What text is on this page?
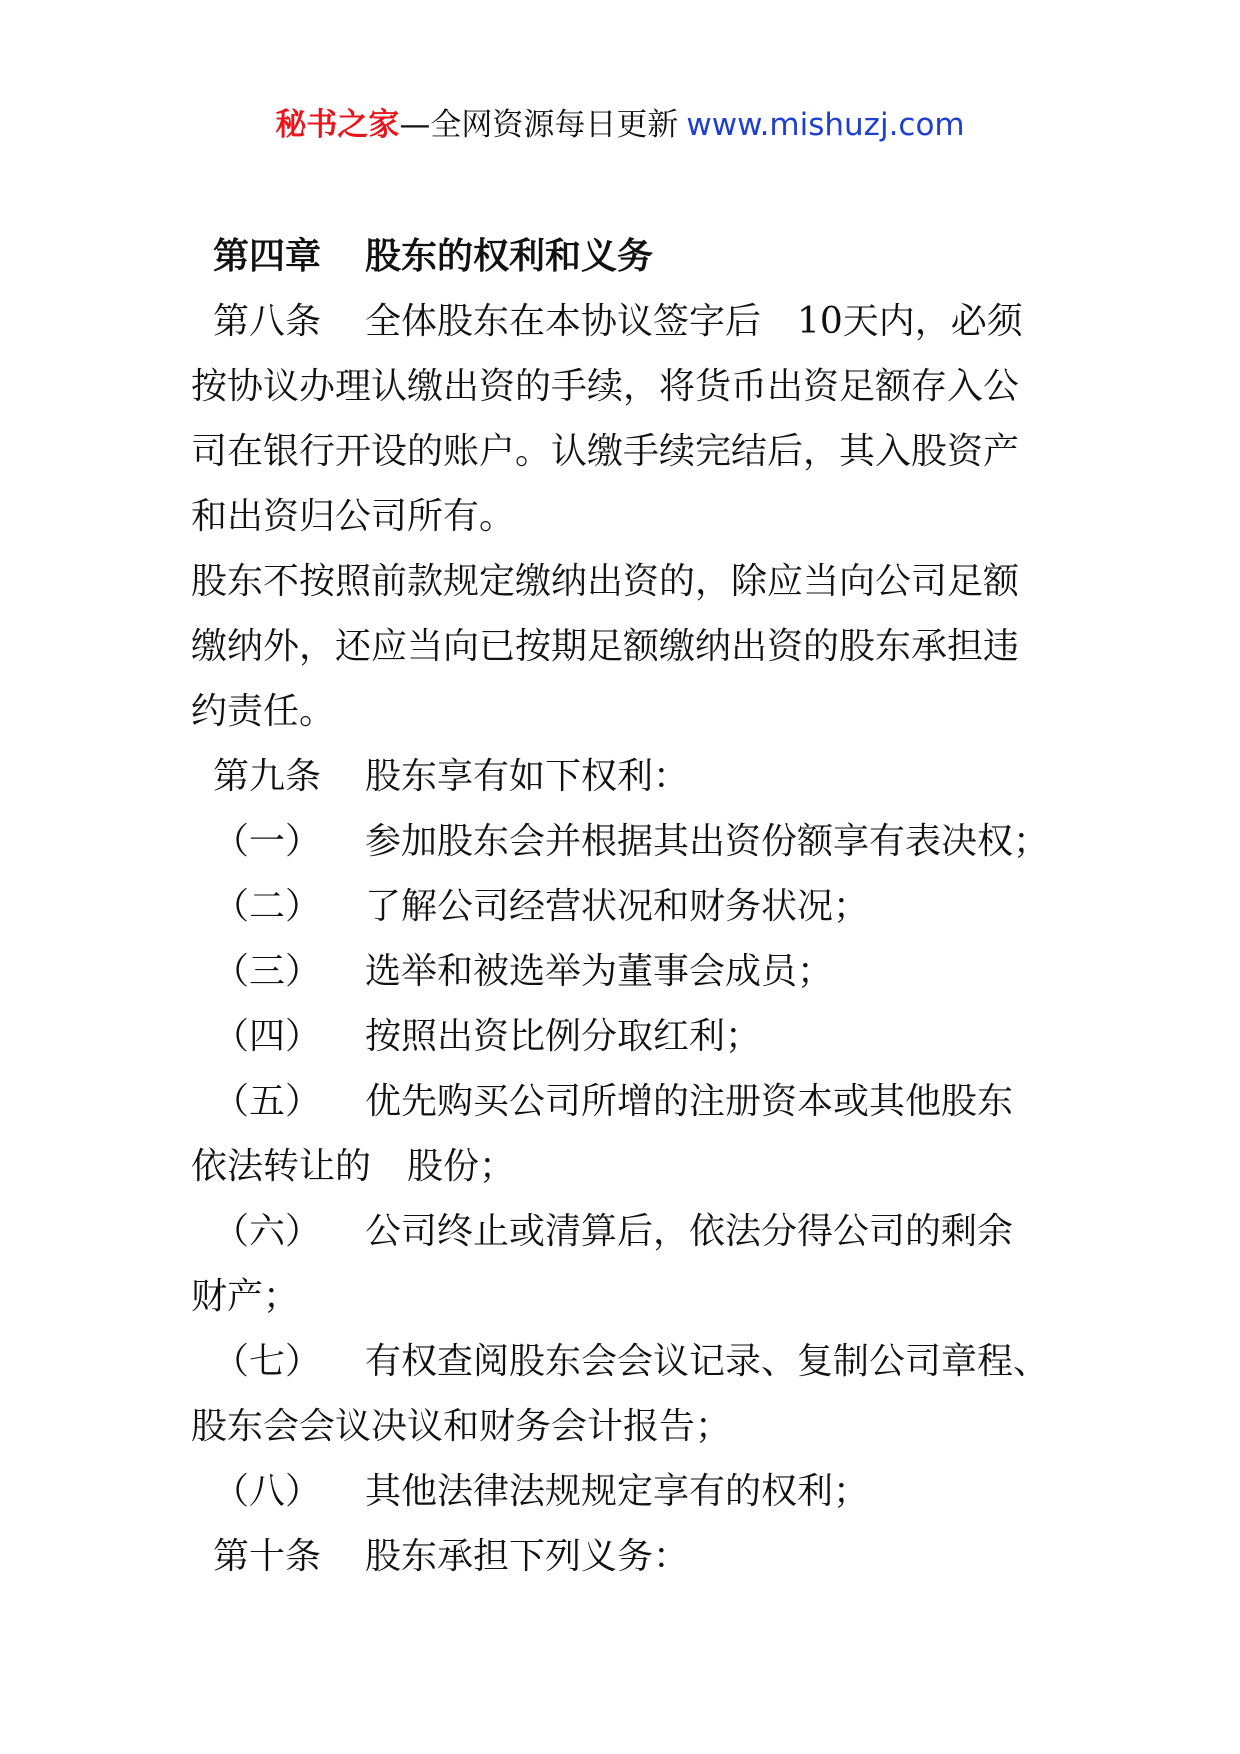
秘书之家—全网资源每日更新 www.mishuzj.com
第四章	股东的权利和义务
第八条	全体股东在本协议签字后　10天内，必须
按协议办理认缴出资的手续，将货币出资足额存入公
司在银行开设的账户。认缴手续完结后，其入股资产
和出资归公司所有。
股东不按照前款规定缴纳出资的，除应当向公司足额
缴纳外，还应当向已按期足额缴纳出资的股东承担违
约责任。
第九条	股东享有如下权利：
（一）	参加股东会并根据其出资份额享有表决权；
（二）	了解公司经营状况和财务状况；
（三）	选举和被选举为董事会成员；
（四）	按照出资比例分取红利；
（五）	优先购买公司所增的注册资本或其他股东
依法转让的　股份；
（六）	公司终止或清算后，依法分得公司的剩余
财产；
（七）	有权查阅股东会会议记录、复制公司章程、
股东会会议决议和财务会计报告；
（八）	其他法律法规规定享有的权利；
第十条	股东承担下列义务：
